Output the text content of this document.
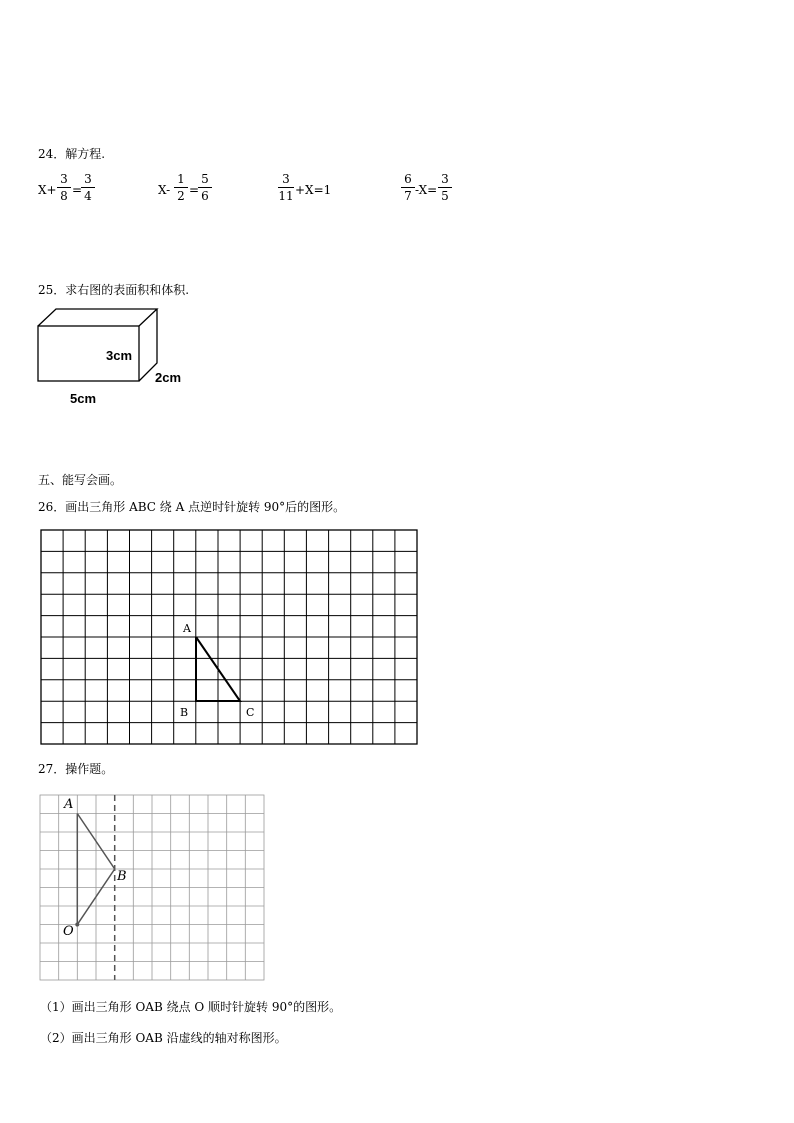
24．解方程.
X+
3
8 =
3
4	X-
1
2 =
5
6
3
11 +X=1
6
7 -X=
3
5
25．求右图的表面积和体积.
3cm
2cm
5cm
五、能写会画。
26．画出三角形 ABC 绕 A 点逆时针旋转 90°后的图形。
A
B	C
27．操作题。
A
B
O
（1）画出三角形 OAB 绕点 O 顺时针旋转 90°的图形。
（2）画出三角形 OAB 沿虚线的轴对称图形。
